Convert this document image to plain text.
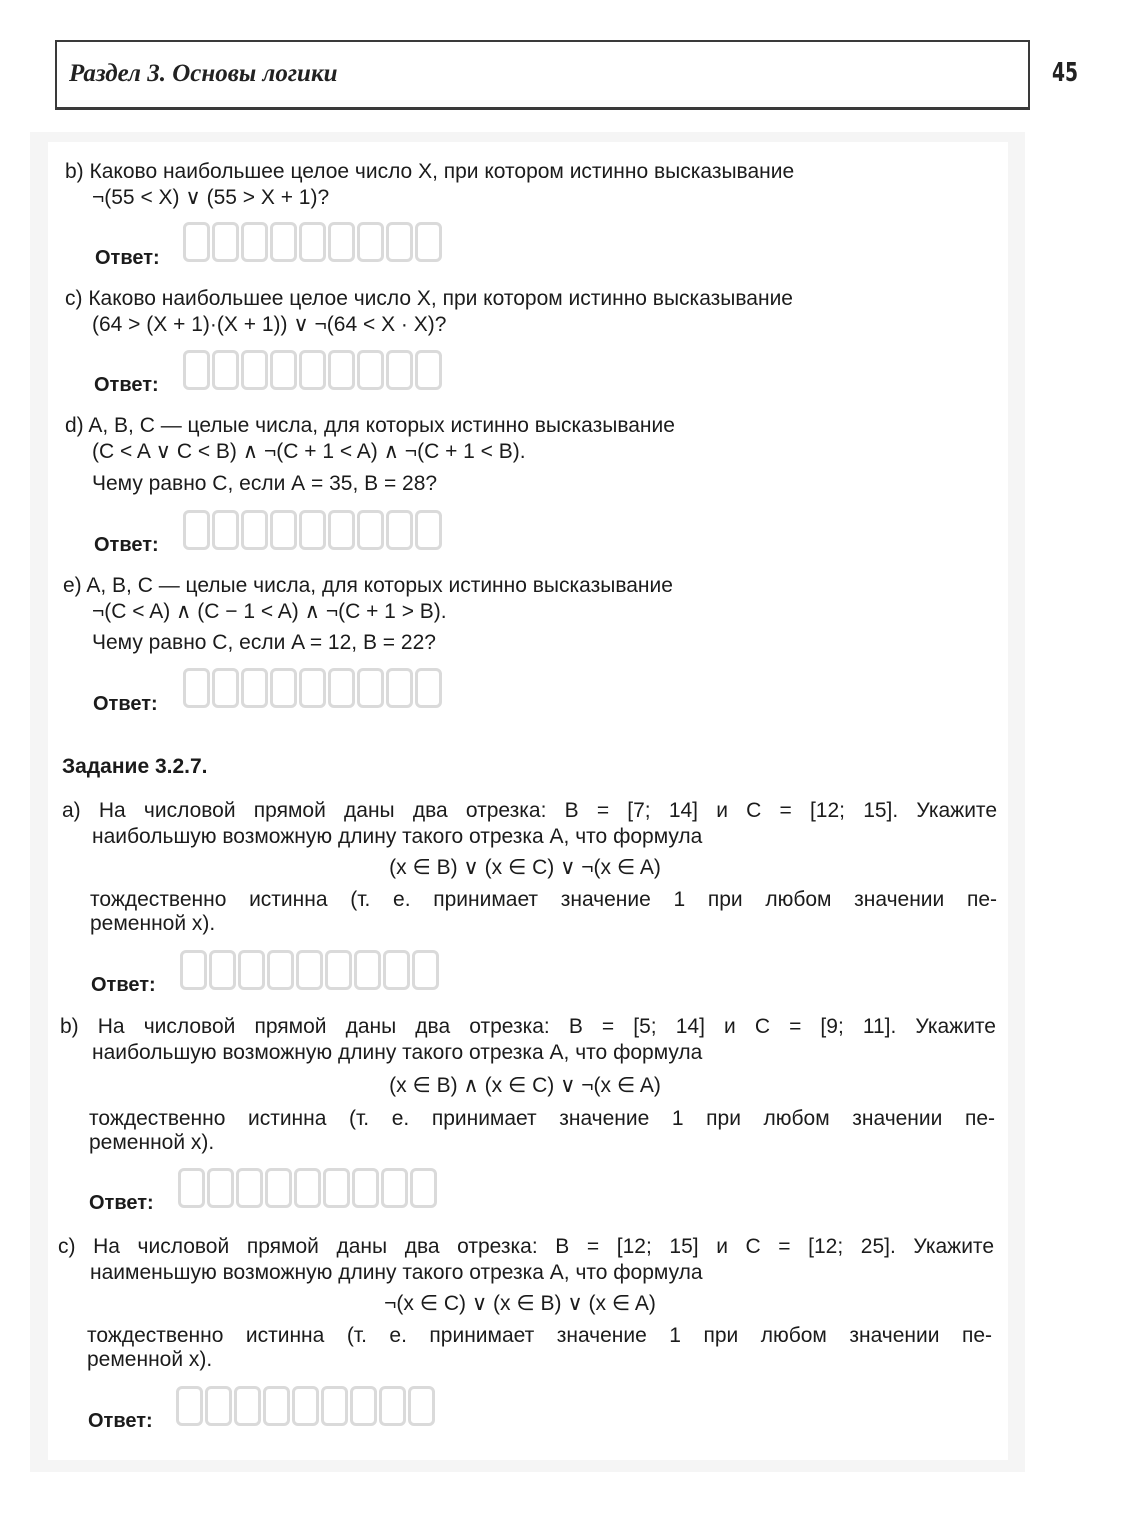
Раздел 3. Основы логики	45
b) Каково наибольшее целое число X, при котором истинно высказывание
¬(55 < X) ∨ (55 > X + 1)?
Ответ:
c) Каково наибольшее целое число X, при котором истинно высказывание
(64 > (X + 1)·(X + 1)) ∨ ¬(64 < X · X)?
Ответ:
d) A, B, C — целые числа, для которых истинно высказывание
(C < A ∨ C < B) ∧ ¬(C + 1 < A) ∧ ¬(C + 1 < B).
Чему равно С, если А = 35, В = 28?
Ответ:
e) A, B, C — целые числа, для которых истинно высказывание
¬(C < A) ∧ (C − 1 < A) ∧ ¬(C + 1 > B).
Чему равно C, если A = 12, B = 22?
Ответ:
Задание 3.2.7.
a) На числовой прямой даны два отрезка: B = [7; 14] и C = [12; 15]. Укажите
наибольшую возможную длину такого отрезка A, что формула
(x ∈ B) ∨ (x ∈ C) ∨ ¬(x ∈ A)
тождественно истинна (т. е. принимает значение 1 при любом значении пе-
ременной x).
Ответ:
b) На числовой прямой даны два отрезка: B = [5; 14] и C = [9; 11]. Укажите
наибольшую возможную длину такого отрезка A, что формула
(x ∈ B) ∧ (x ∈ C) ∨ ¬(x ∈ A)
тождественно истинна (т. е. принимает значение 1 при любом значении пе-
ременной x).
Ответ:
c) На числовой прямой даны два отрезка: B = [12; 15] и C = [12; 25]. Укажите
наименьшую возможную длину такого отрезка A, что формула
¬(x ∈ C) ∨ (x ∈ B) ∨ (x ∈ A)
тождественно истинна (т. е. принимает значение 1 при любом значении пе-
ременной x).
Ответ:
